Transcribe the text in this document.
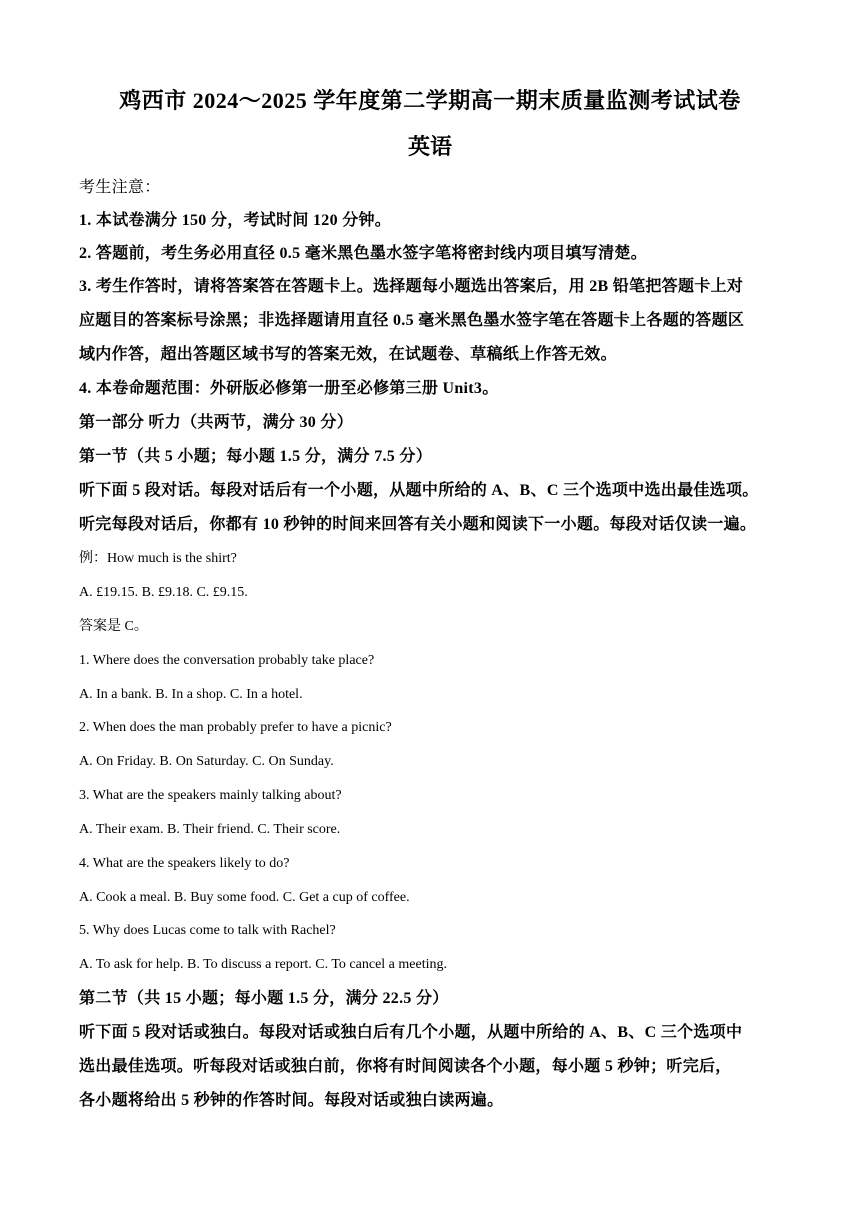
鸡西市 2024～2025 学年度第二学期高一期末质量监测考试试卷
英语
考生注意：
1. 本试卷满分 150 分，考试时间 120 分钟。
2. 答题前，考生务必用直径 0.5 毫米黑色墨水签字笔将密封线内项目填写清楚。
3. 考生作答时，请将答案答在答题卡上。选择题每小题选出答案后，用 2B 铅笔把答题卡上对
应题目的答案标号涂黑；非选择题请用直径 0.5 毫米黑色墨水签字笔在答题卡上各题的答题区
域内作答，超出答题区域书写的答案无效，在试题卷、草稿纸上作答无效。
4. 本卷命题范围：外研版必修第一册至必修第三册 Unit3。
第一部分 听力（共两节，满分 30 分）
第一节（共 5 小题；每小题 1.5 分，满分 7.5 分）
听下面 5 段对话。每段对话后有一个小题，从题中所给的 A、B、C 三个选项中选出最佳选项。
听完每段对话后，你都有 10 秒钟的时间来回答有关小题和阅读下一小题。每段对话仅读一遍。
例：How much is the shirt?
A. £19.15. B. £9.18. C. £9.15.
答案是 C。
1. Where does the conversation probably take place?
A. In a bank. B. In a shop. C. In a hotel.
2. When does the man probably prefer to have a picnic?
A. On Friday. B. On Saturday. C. On Sunday.
3. What are the speakers mainly talking about?
A. Their exam. B. Their friend. C. Their score.
4. What are the speakers likely to do?
A. Cook a meal. B. Buy some food. C. Get a cup of coffee.
5. Why does Lucas come to talk with Rachel?
A. To ask for help. B. To discuss a report. C. To cancel a meeting.
第二节（共 15 小题；每小题 1.5 分，满分 22.5 分）
听下面 5 段对话或独白。每段对话或独白后有几个小题，从题中所给的 A、B、C 三个选项中
选出最佳选项。听每段对话或独白前，你将有时间阅读各个小题，每小题 5 秒钟；听完后，
各小题将给出 5 秒钟的作答时间。每段对话或独白读两遍。
